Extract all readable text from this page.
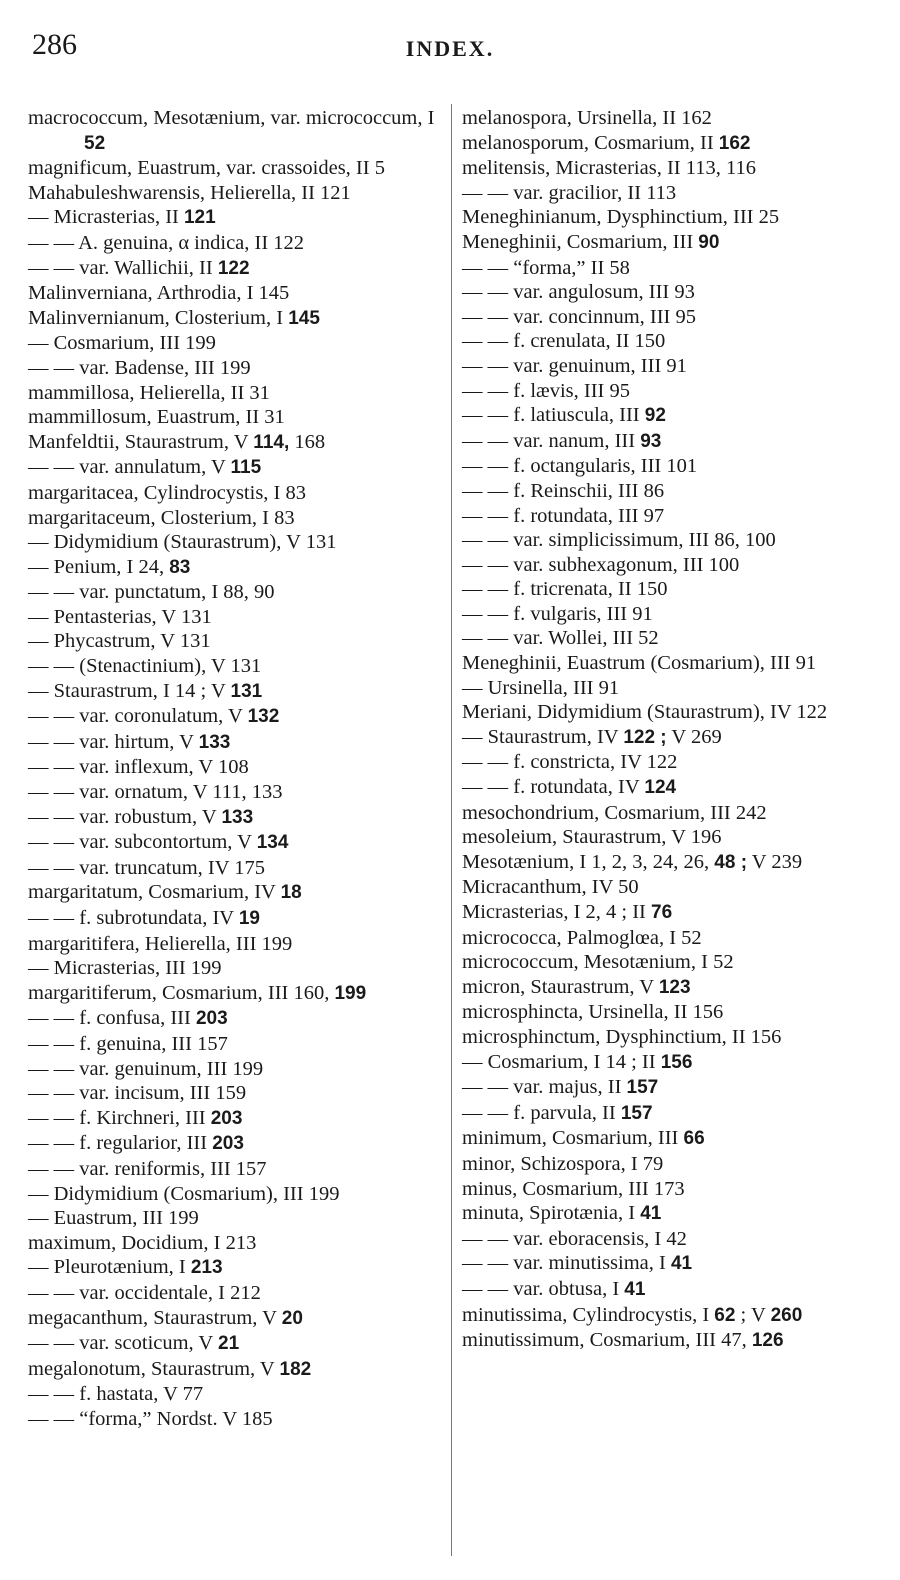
286	INDEX.

macrococcum, Mesotænium, var. micrococcum, I 52

magnificum, Euastrum, var. crassoides, II 5

Mahabuleshwarensis, Helierella, II 121

— Micrasterias, II 121

— — A. genuina, α indica, II 122

— — var. Wallichii, II 122

Malinverniana, Arthrodia, I 145

Malinvernianum, Closterium, I 145

— Cosmarium, III 199

— — var. Badense, III 199

mammillosa, Helierella, II 31

mammillosum, Euastrum, II 31

Manfeldtii, Staurastrum, V 114, 168

— — var. annulatum, V 115

margaritacea, Cylindrocystis, I 83

margaritaceum, Closterium, I 83

— Didymidium (Staurastrum), V 131

— Penium, I 24, 83

— — var. punctatum, I 88, 90

— Pentasterias, V 131

— Phycastrum, V 131

— — (Stenactinium), V 131

— Staurastrum, I 14 ; V 131

— — var. coronulatum, V 132

— — var. hirtum, V 133

— — var. inflexum, V 108

— — var. ornatum, V 111, 133

— — var. robustum, V 133

— — var. subcontortum, V 134

— — var. truncatum, IV 175

margaritatum, Cosmarium, IV 18

— — f. subrotundata, IV 19

margaritifera, Helierella, III 199

— Micrasterias, III 199

margaritiferum, Cosmarium, III 160, 199

— — f. confusa, III 203

— — f. genuina, III 157

— — var. genuinum, III 199

— — var. incisum, III 159

— — f. Kirchneri, III 203

— — f. regularior, III 203

— — var. reniformis, III 157

— Didymidium (Cosmarium), III 199

— Euastrum, III 199

maximum, Docidium, I 213

— Pleurotænium, I 213

— — var. occidentale, I 212

megacanthum, Staurastrum, V 20

— — var. scoticum, V 21

megalonotum, Staurastrum, V 182

— — f. hastata, V 77

— — “forma,” Nordst. V 185

melanospora, Ursinella, II 162

melanosporum, Cosmarium, II 162

melitensis, Micrasterias, II 113, 116

— — var. gracilior, II 113

Meneghinianum, Dysphinctium, III 25

Meneghinii, Cosmarium, III 90

— — “forma,” II 58

— — var. angulosum, III 93

— — var. concinnum, III 95

— — f. crenulata, II 150

— — var. genuinum, III 91

— — f. lævis, III 95

— — f. latiuscula, III 92

— — var. nanum, III 93

— — f. octangularis, III 101

— — f. Reinschii, III 86

— — f. rotundata, III 97

— — var. simplicissimum, III 86, 100

— — var. subhexagonum, III 100

— — f. tricrenata, II 150

— — f. vulgaris, III 91

— — var. Wollei, III 52

Meneghinii, Euastrum (Cosmarium), III 91

— Ursinella, III 91

Meriani, Didymidium (Staurastrum), IV 122

— Staurastrum, IV 122 ; V 269

— — f. constricta, IV 122

— — f. rotundata, IV 124

mesochondrium, Cosmarium, III 242

mesoleium, Staurastrum, V 196

Mesotænium, I 1, 2, 3, 24, 26, 48 ; V 239

Micracanthum, IV 50

Micrasterias, I 2, 4 ; II 76

micrococca, Palmoglœa, I 52

micrococcum, Mesotænium, I 52

micron, Staurastrum, V 123

microsphincta, Ursinella, II 156

microsphinctum, Dysphinctium, II 156

— Cosmarium, I 14 ; II 156

— — var. majus, II 157

— — f. parvula, II 157

minimum, Cosmarium, III 66

minor, Schizospora, I 79

minus, Cosmarium, III 173

minuta, Spirotænia, I 41

— — var. eboracensis, I 42

— — var. minutissima, I 41

— — var. obtusa, I 41

minutissima, Cylindrocystis, I 62 ; V 260

minutissimum, Cosmarium, III 47, 126
